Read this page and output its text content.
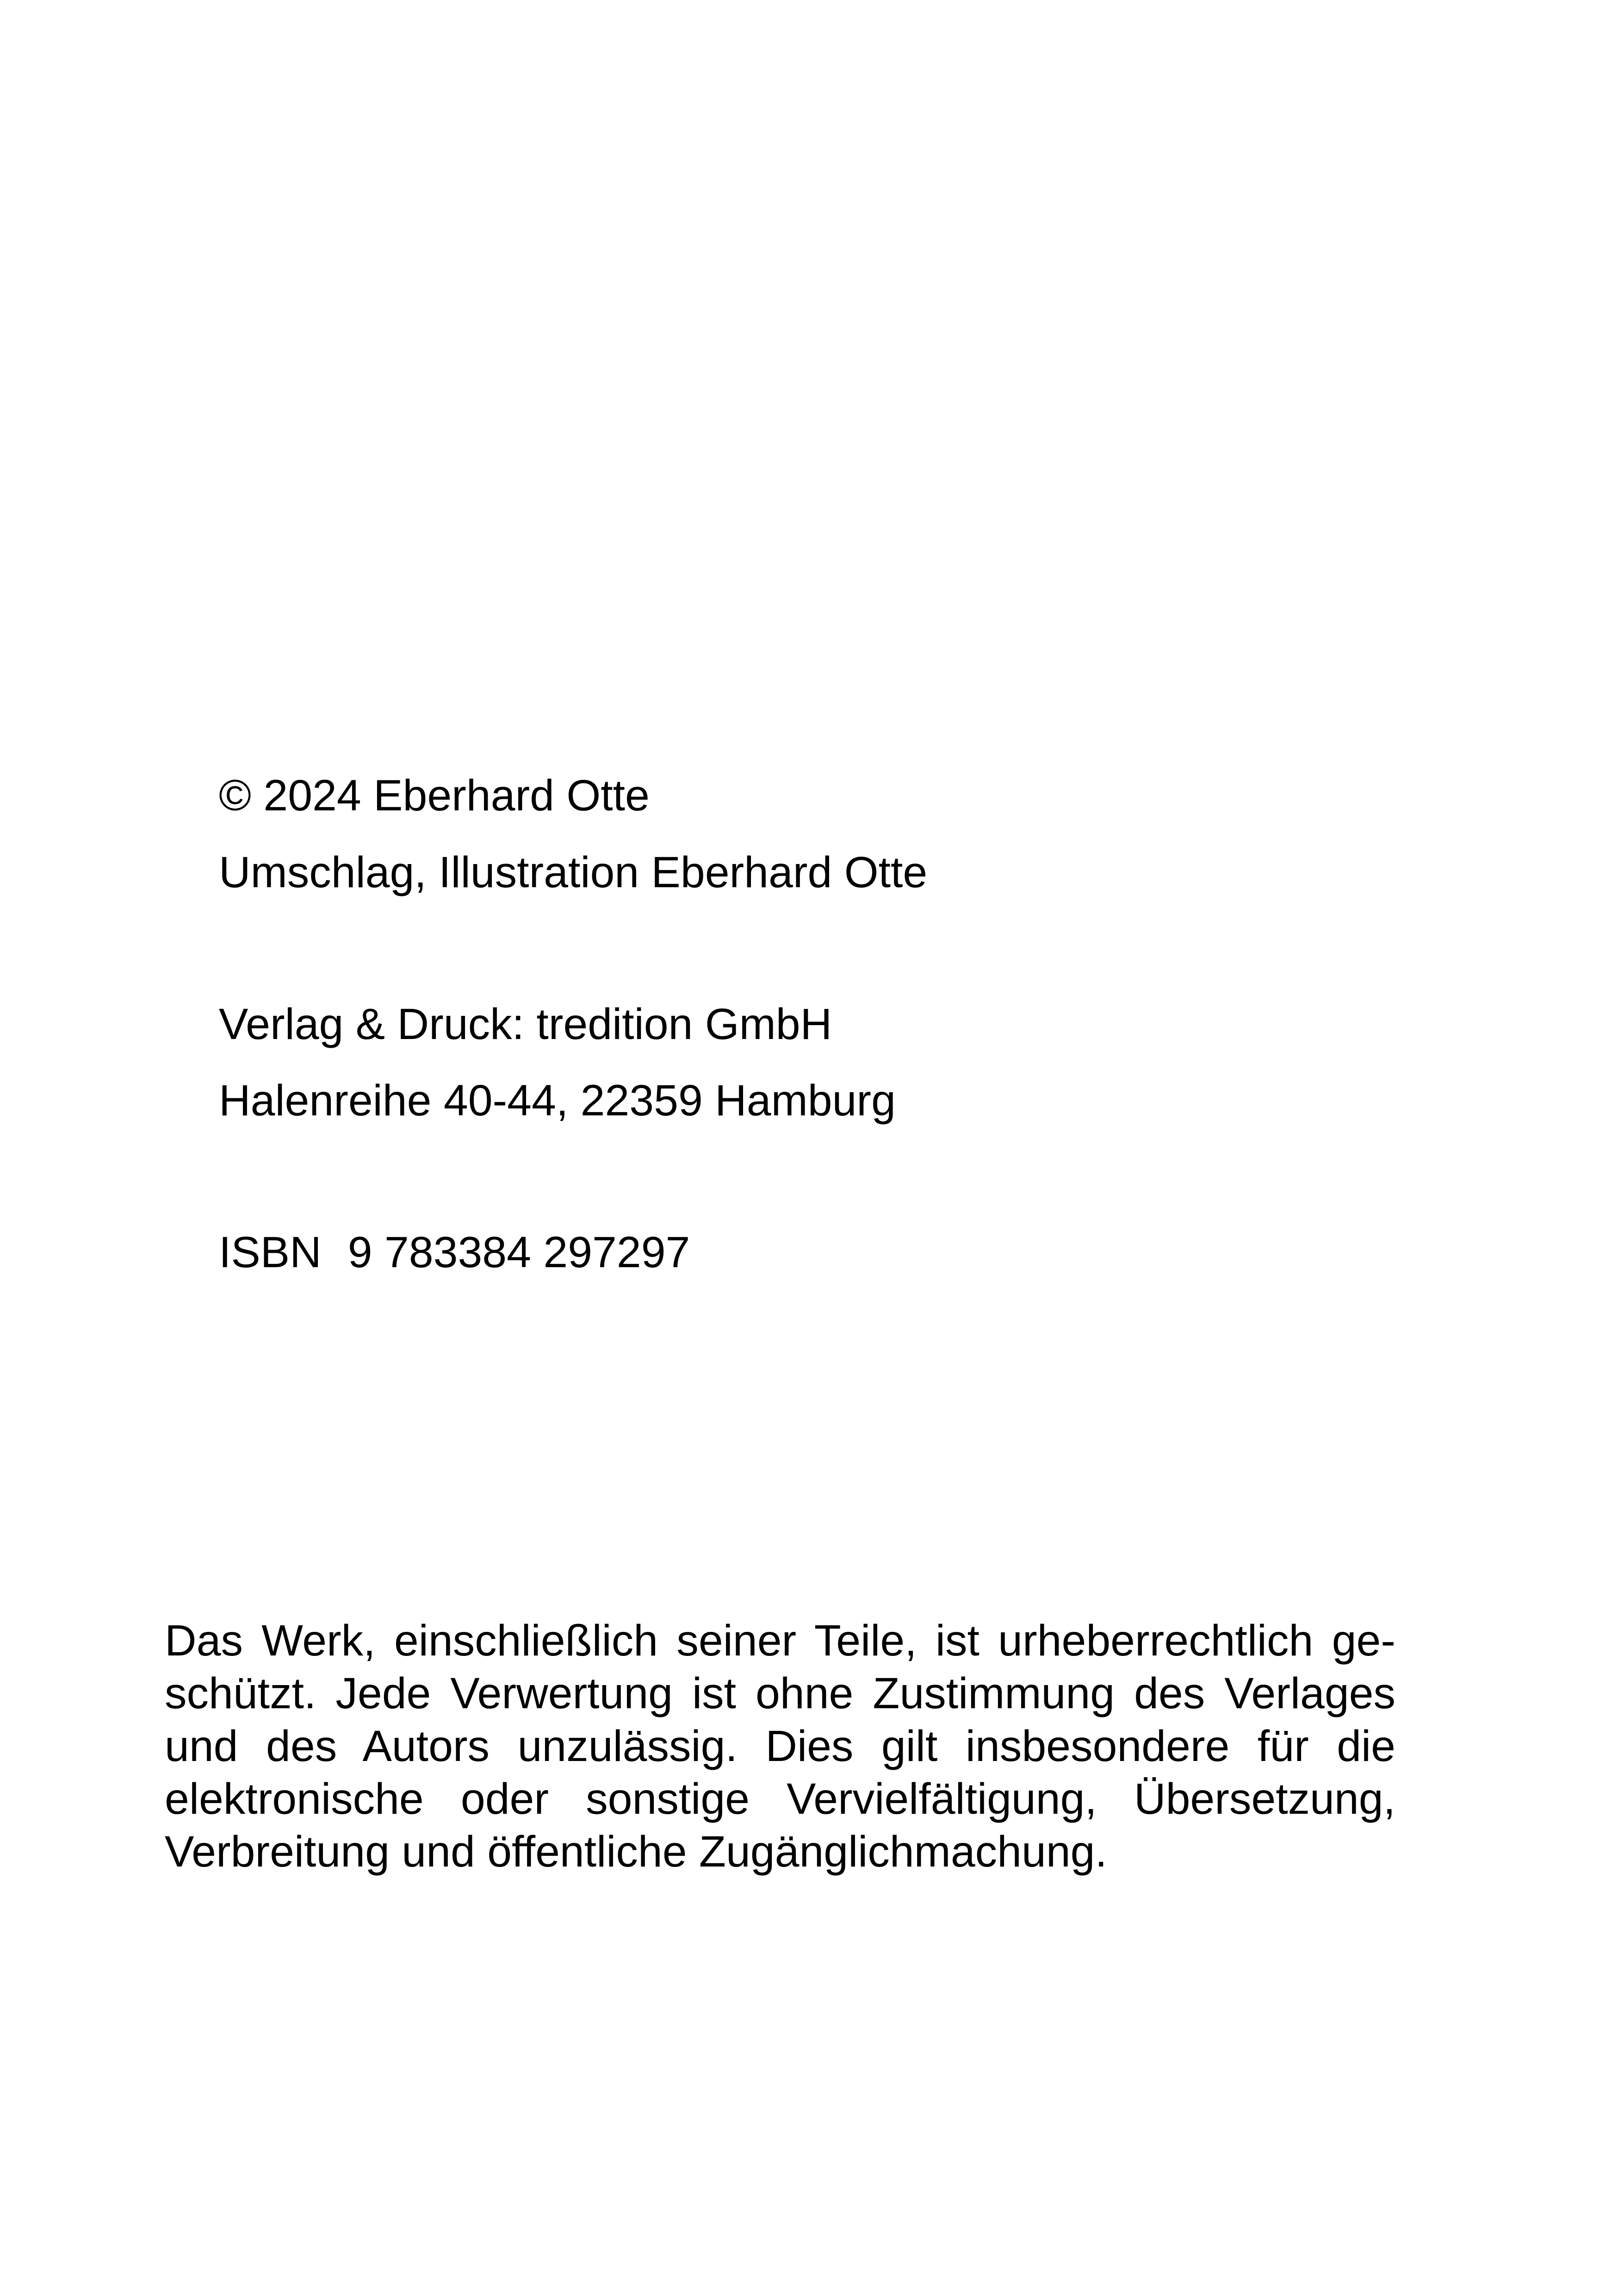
© 2024 Eberhard Otte
Umschlag, Illustration Eberhard Otte
Verlag & Druck: tredition GmbH
Halenreihe 40-44, 22359 Hamburg
ISBN 9 783384 297297
Das Werk, einschließlich seiner Teile, ist urheberrechtlich ge-
schützt. Jede Verwertung ist ohne Zustimmung des Verlages
und des Autors unzulässig. Dies gilt insbesondere für die
elektronische oder sonstige Vervielfältigung, Übersetzung,
Verbreitung und öffentliche Zugänglichmachung.
